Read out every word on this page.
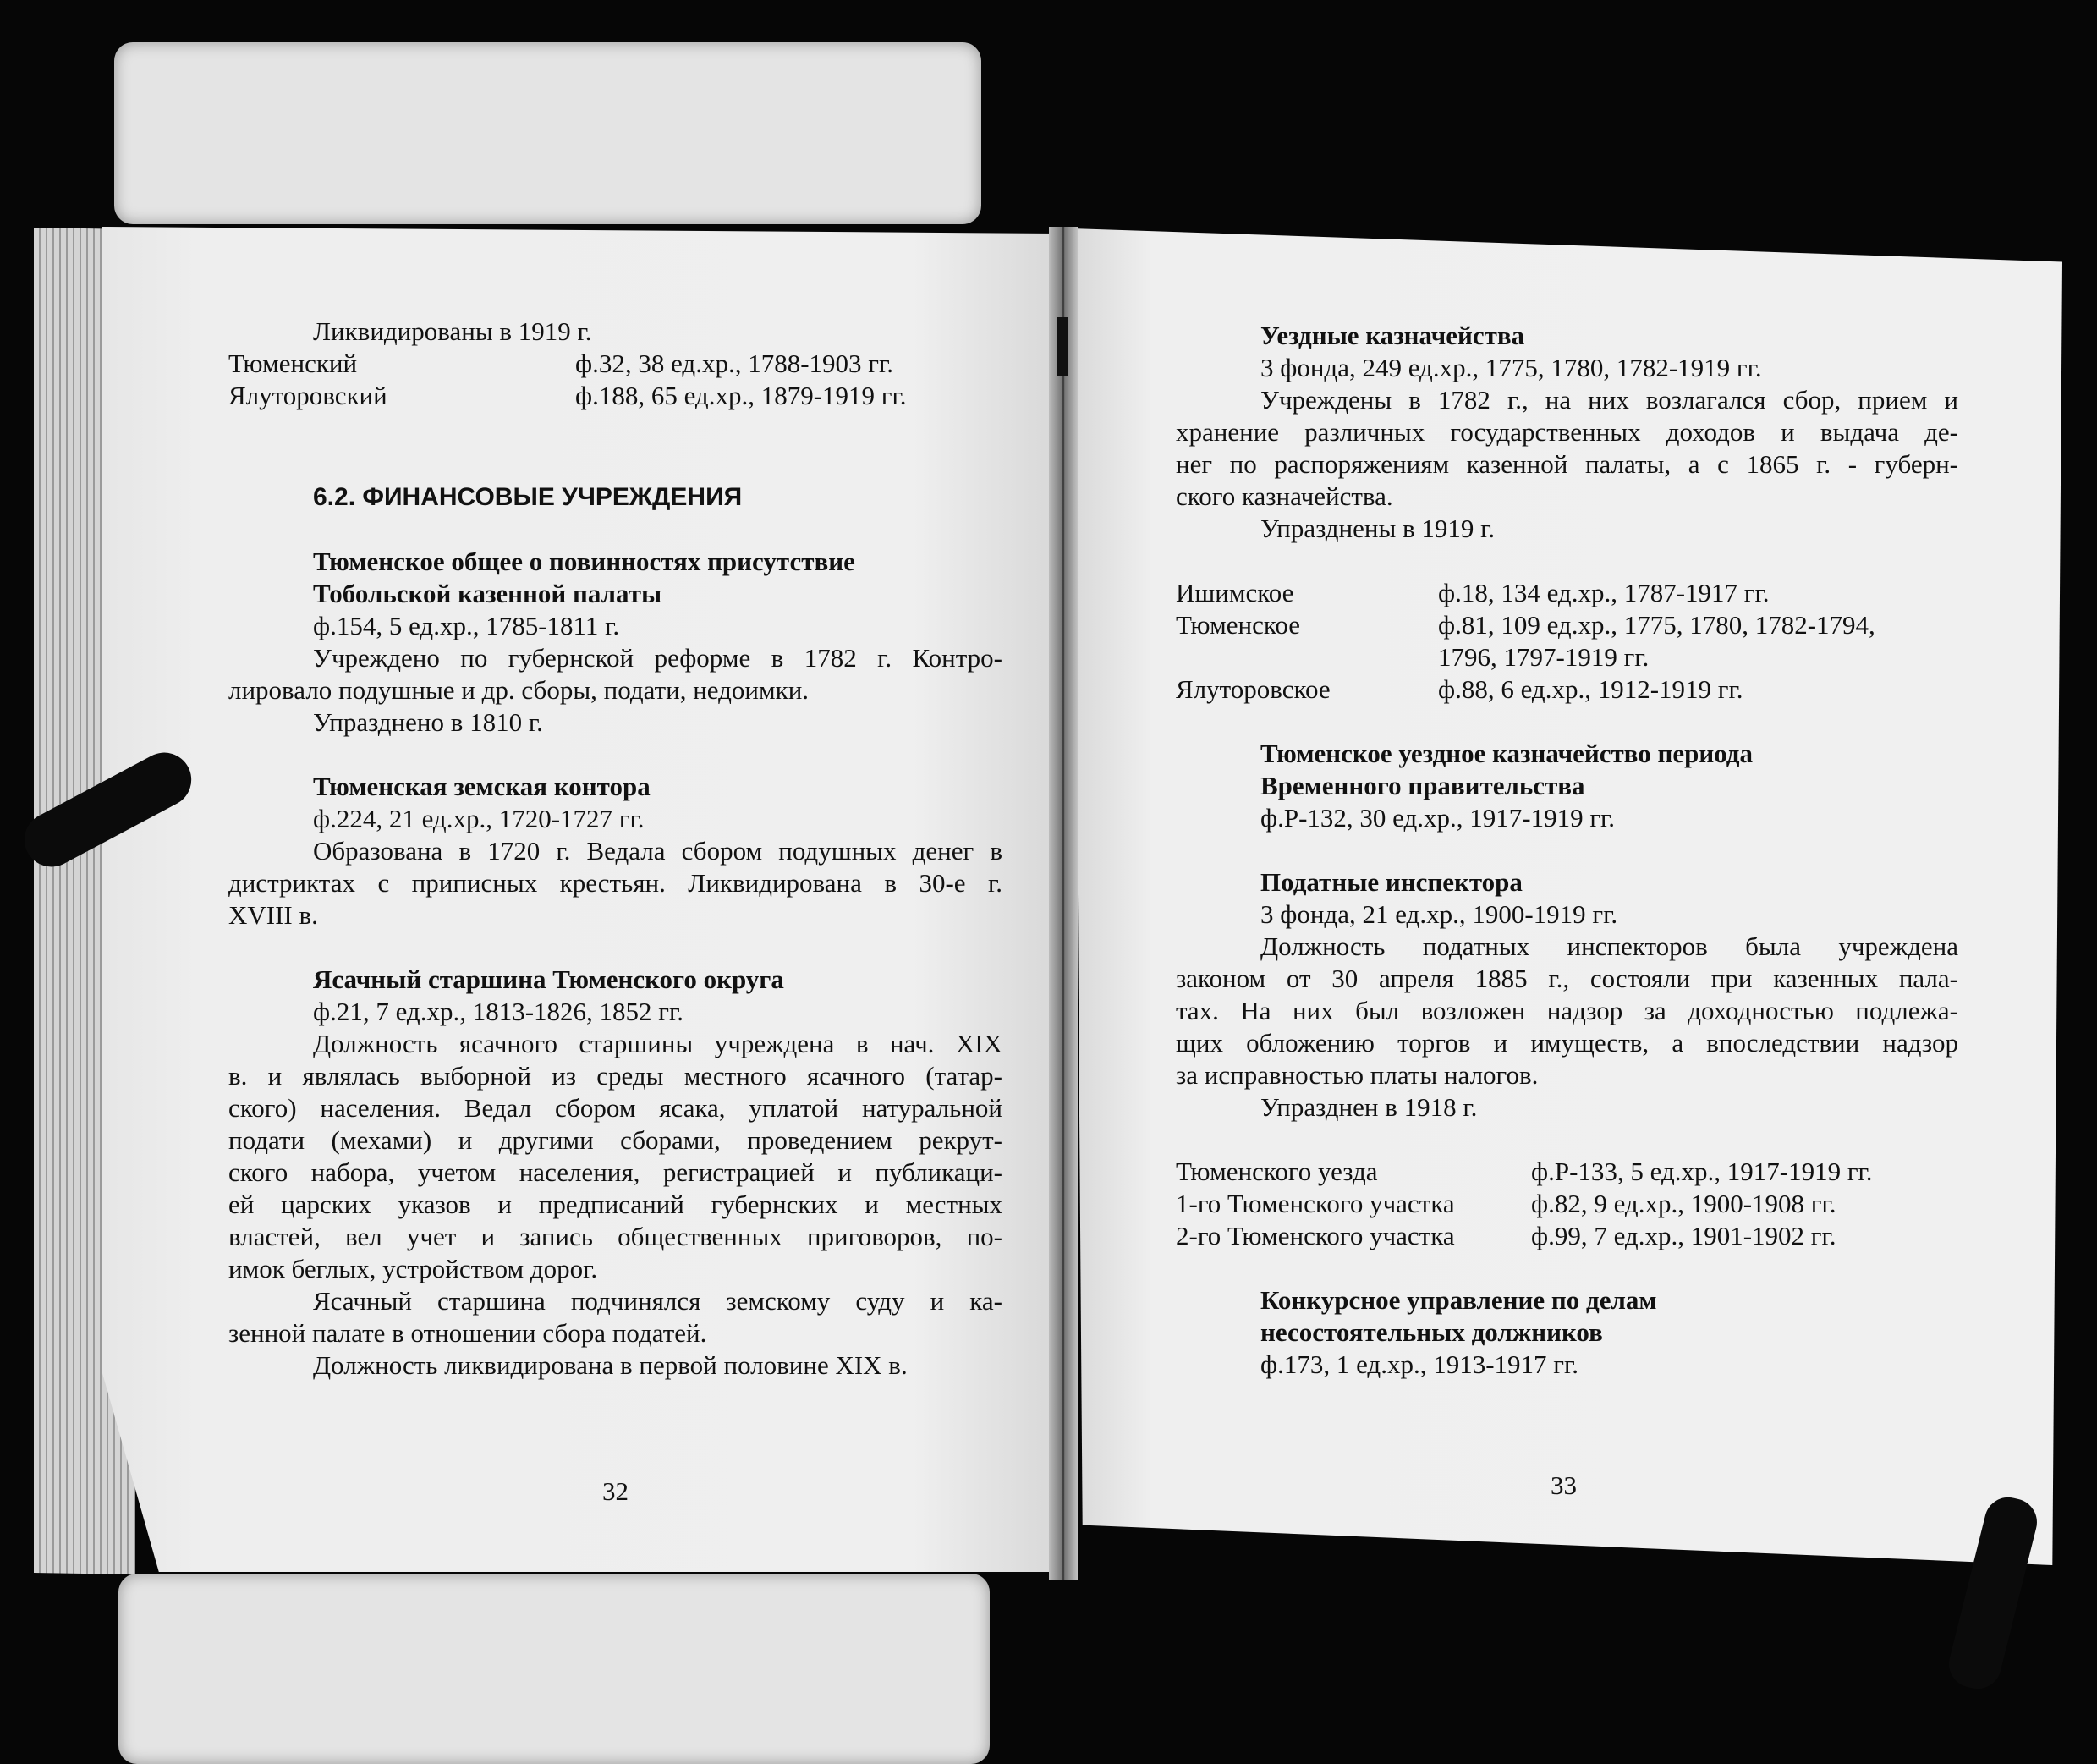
Ликвидированы в 1919 г.
Тюменский	ф.32, 38 ед.хр., 1788-1903 гг.
Ялуторовский	ф.188, 65 ед.хр., 1879-1919 гг.
6.2. ФИНАНСОВЫЕ УЧРЕЖДЕНИЯ
Тюменское общее о повинностях присутствие
Тобольской казенной палаты
ф.154, 5 ед.хр., 1785-1811 г.
Учреждено по губернской реформе в 1782 г. Контро-
лировало подушные и др. сборы, подати, недоимки.
Упразднено в 1810 г.
Тюменская земская контора
ф.224, 21 ед.хр., 1720-1727 гг.
Образована в 1720 г. Ведала сбором подушных денег в
дистриктах с приписных крестьян. Ликвидирована в 30-е г.
XVIII в.
Ясачный старшина Тюменского округа
ф.21, 7 ед.хр., 1813-1826, 1852 гг.
Должность ясачного старшины учреждена в нач. XIX
в. и являлась выборной из среды местного ясачного (татар-
ского) населения. Ведал сбором ясака, уплатой натуральной
подати (мехами) и другими сборами, проведением рекрут-
ского набора, учетом населения, регистрацией и публикаци-
ей царских указов и предписаний губернских и местных
властей, вел учет и запись общественных приговоров, по-
имок беглых, устройством дорог.
Ясачный старшина подчинялся земскому суду и ка-
зенной палате в отношении сбора податей.
Должность ликвидирована в первой половине XIX в.
32
Уездные казначейства
3 фонда, 249 ед.хр., 1775, 1780, 1782-1919 гг.
Учреждены в 1782 г., на них возлагался сбор, прием и
хранение различных государственных доходов и выдача де-
нег по распоряжениям казенной палаты, а с 1865 г. - губерн-
ского казначейства.
Упразднены в 1919 г.
Ишимское	ф.18, 134 ед.хр., 1787-1917 гг.
Тюменское	ф.81, 109 ед.хр., 1775, 1780, 1782-1794,
1796, 1797-1919 гг.
Ялуторовское	ф.88, 6 ед.хр., 1912-1919 гг.
Тюменское уездное казначейство периода
Временного правительства
ф.Р-132, 30 ед.хр., 1917-1919 гг.
Податные инспектора
3 фонда, 21 ед.хр., 1900-1919 гг.
Должность податных инспекторов была учреждена
законом от 30 апреля 1885 г., состояли при казенных пала-
тах. На них был возложен надзор за доходностью подлежа-
щих обложению торгов и имуществ, а впоследствии надзор
за исправностью платы налогов.
Упразднен в 1918 г.
Тюменского уезда	ф.Р-133, 5 ед.хр., 1917-1919 гг.
1-го Тюменского участка	ф.82, 9 ед.хр., 1900-1908 гг.
2-го Тюменского участка	ф.99, 7 ед.хр., 1901-1902 гг.
Конкурсное управление по делам
несостоятельных должников
ф.173, 1 ед.хр., 1913-1917 гг.
33
